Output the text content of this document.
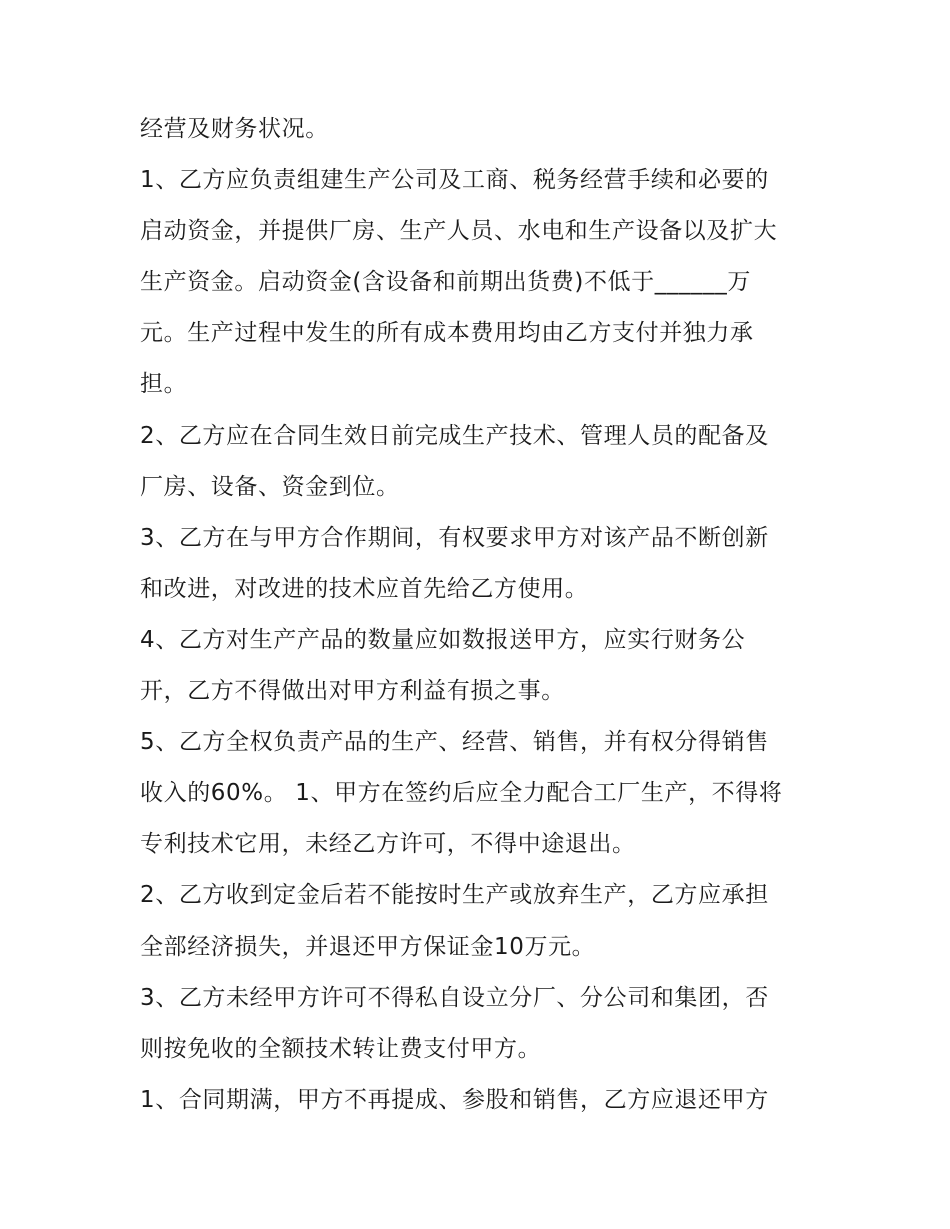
经营及财务状况。
1、乙方应负责组建生产公司及工商、税务经营手续和必要的
启动资金，并提供厂房、生产人员、水电和生产设备以及扩大
生产资金。启动资金(含设备和前期出货费)不低于______万
元。生产过程中发生的所有成本费用均由乙方支付并独力承
担。
2、乙方应在合同生效日前完成生产技术、管理人员的配备及
厂房、设备、资金到位。
3、乙方在与甲方合作期间，有权要求甲方对该产品不断创新
和改进，对改进的技术应首先给乙方使用。
4、乙方对生产产品的数量应如数报送甲方，应实行财务公
开，乙方不得做出对甲方利益有损之事。
5、乙方全权负责产品的生产、经营、销售，并有权分得销售
收入的60%。 1、甲方在签约后应全力配合工厂生产，不得将
专利技术它用，未经乙方许可，不得中途退出。
2、乙方收到定金后若不能按时生产或放弃生产，乙方应承担
全部经济损失，并退还甲方保证金10万元。
3、乙方未经甲方许可不得私自设立分厂、分公司和集团，否
则按免收的全额技术转让费支付甲方。
1、合同期满，甲方不再提成、参股和销售，乙方应退还甲方
